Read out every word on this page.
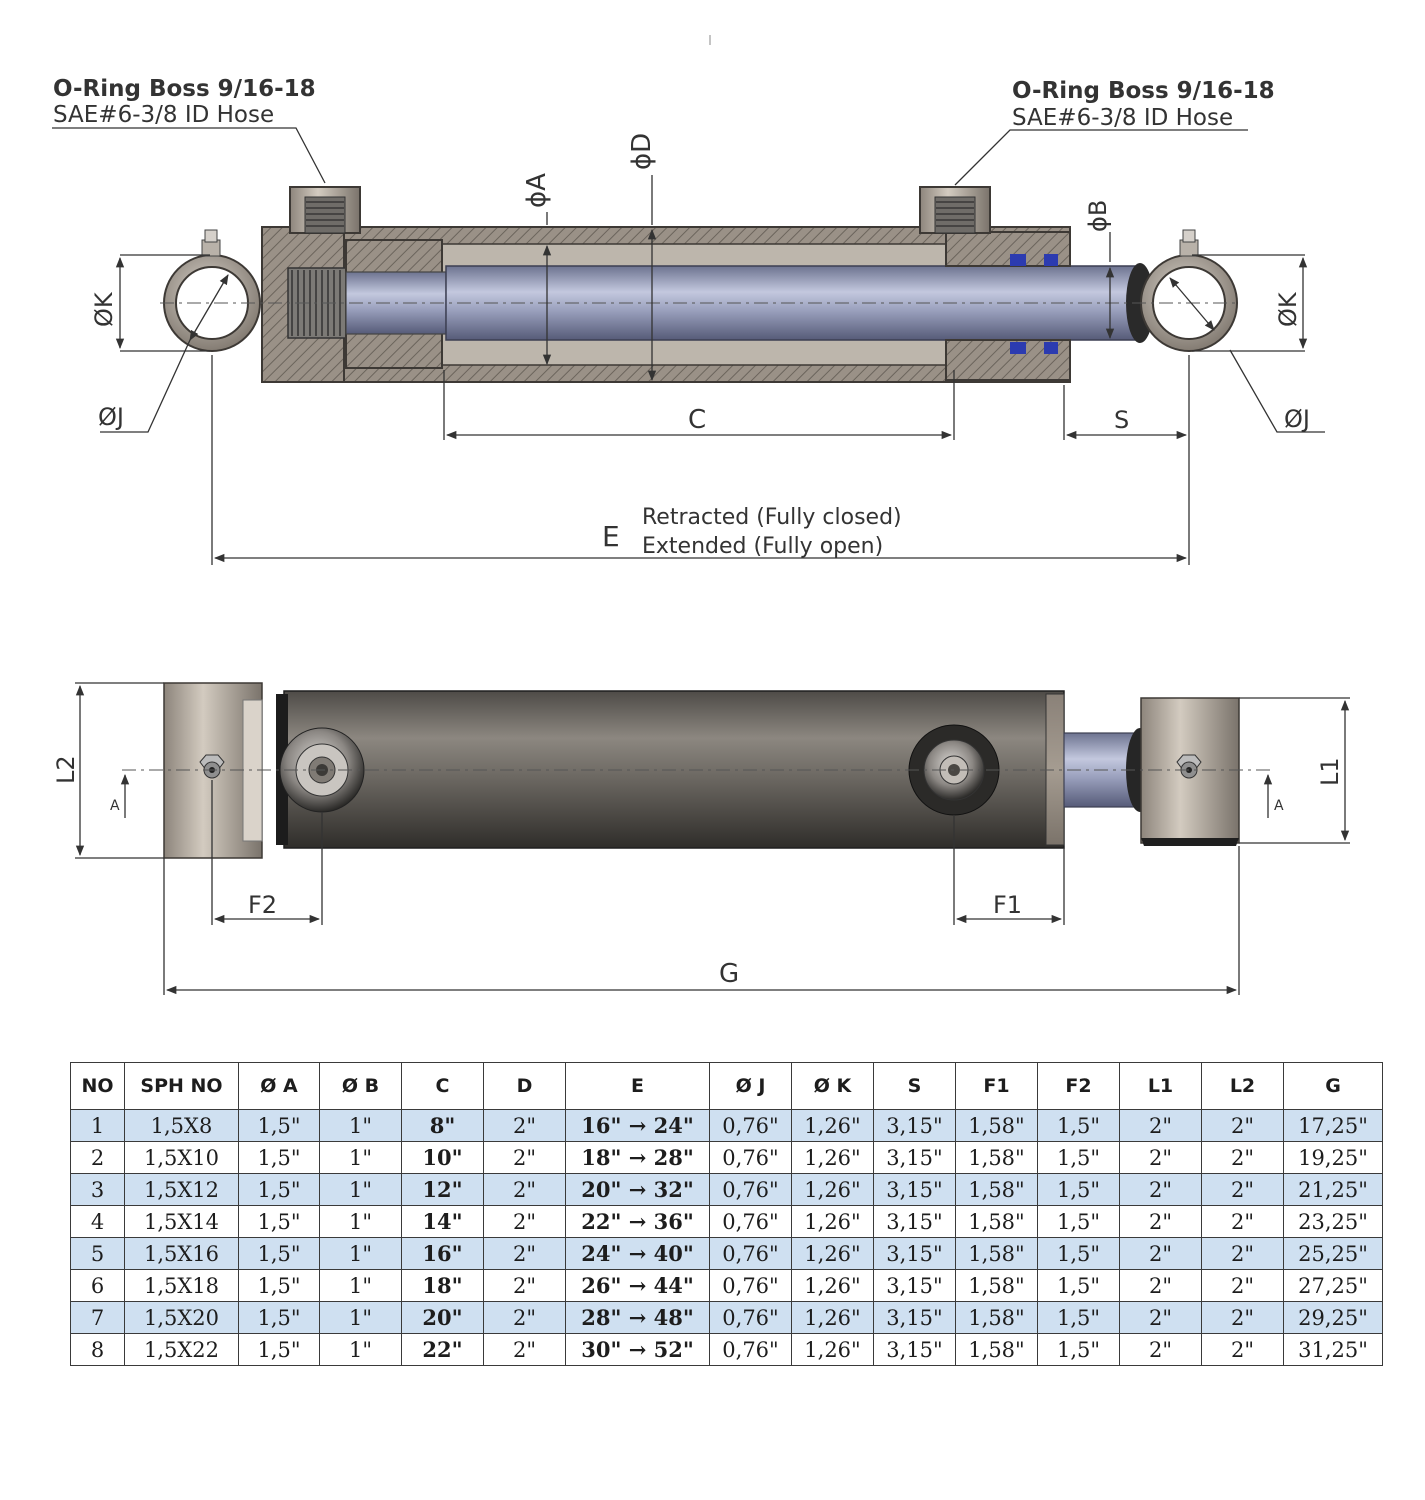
O-Ring Boss 9/16-18
SAE#6-3/8 ID Hose
O-Ring Boss 9/16-18
SAE#6-3/8 ID Hose
ϕA
ϕD
ϕB
ØK	ØK
ØJ	ØJ
C	S
E
Retracted (Fully closed)
Extended (Fully open)
L2	L1
A	A
F2	F1
G
NO	SPH NO	Ø A	Ø B	C	D	E	Ø J	Ø K	S	F1	F2	L1	L2	G
1	1,5X8	1,5"	1"	8"	2"	16" → 24"	0,76"	1,26"	3,15"	1,58"	1,5"	2"	2"	17,25"
2	1,5X10	1,5"	1"	10"	2"	18" → 28"	0,76"	1,26"	3,15"	1,58"	1,5"	2"	2"	19,25"
3	1,5X12	1,5"	1"	12"	2"	20" → 32"	0,76"	1,26"	3,15"	1,58"	1,5"	2"	2"	21,25"
4	1,5X14	1,5"	1"	14"	2"	22" → 36"	0,76"	1,26"	3,15"	1,58"	1,5"	2"	2"	23,25"
5	1,5X16	1,5"	1"	16"	2"	24" → 40"	0,76"	1,26"	3,15"	1,58"	1,5"	2"	2"	25,25"
6	1,5X18	1,5"	1"	18"	2"	26" → 44"	0,76"	1,26"	3,15"	1,58"	1,5"	2"	2"	27,25"
7	1,5X20	1,5"	1"	20"	2"	28" → 48"	0,76"	1,26"	3,15"	1,58"	1,5"	2"	2"	29,25"
8	1,5X22	1,5"	1"	22"	2"	30" → 52"	0,76"	1,26"	3,15"	1,58"	1,5"	2"	2"	31,25"
